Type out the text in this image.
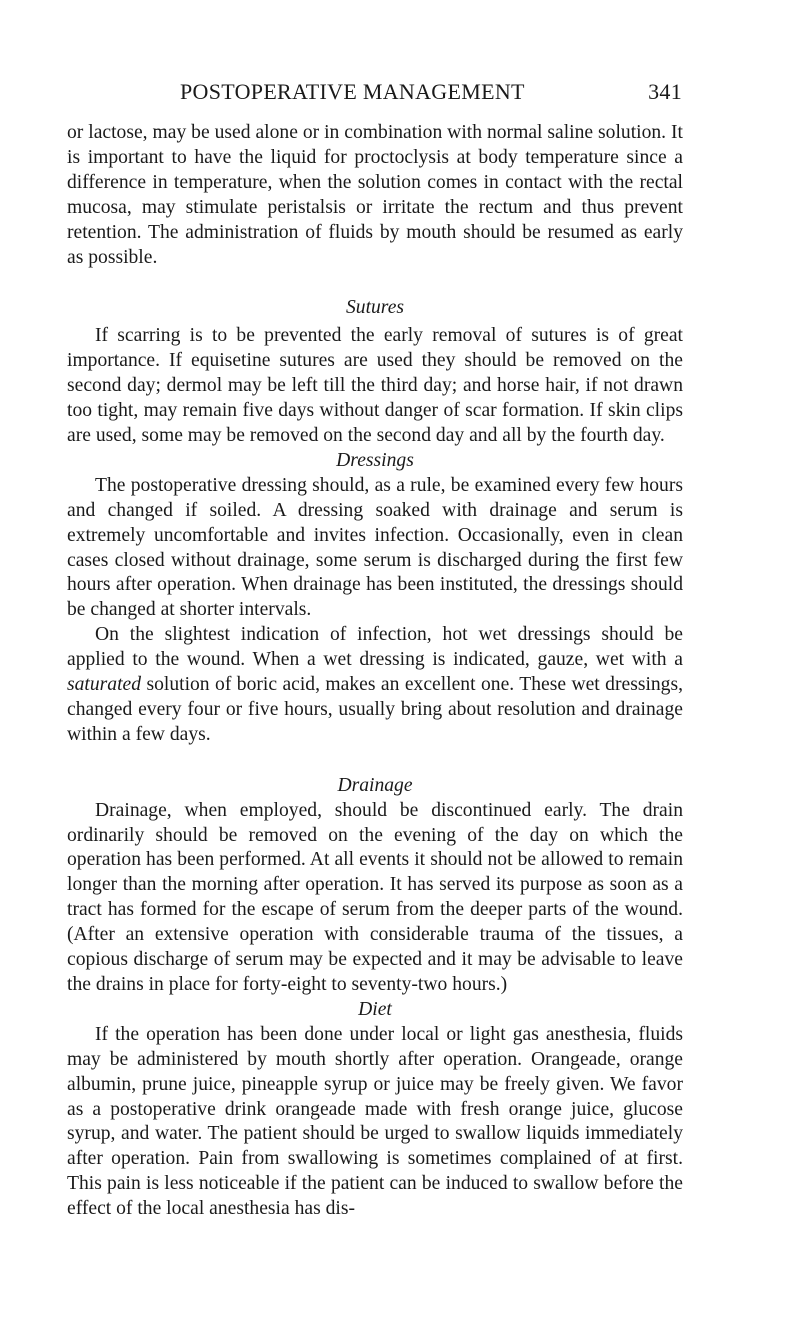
POSTOPERATIVE MANAGEMENT	341

or lactose, may be used alone or in combination with normal saline solution. It is important to have the liquid for proctoclysis at body temperature since a difference in temperature, when the solution comes in contact with the rectal mucosa, may stimulate peristalsis or irritate the rectum and thus prevent retention. The administration of fluids by mouth should be resumed as early as possible.

Sutures

If scarring is to be prevented the early removal of sutures is of great importance. If equisetine sutures are used they should be removed on the second day; dermol may be left till the third day; and horse hair, if not drawn too tight, may remain five days without danger of scar formation. If skin clips are used, some may be removed on the second day and all by the fourth day.

Dressings

The postoperative dressing should, as a rule, be examined every few hours and changed if soiled. A dressing soaked with drainage and serum is extremely uncomfortable and invites infection. Occasionally, even in clean cases closed without drainage, some serum is discharged during the first few hours after operation. When drainage has been instituted, the dressings should be changed at shorter intervals.

On the slightest indication of infection, hot wet dressings should be applied to the wound. When a wet dressing is indicated, gauze, wet with a saturated solution of boric acid, makes an excellent one. These wet dressings, changed every four or five hours, usually bring about resolution and drainage within a few days.

Drainage

Drainage, when employed, should be discontinued early. The drain ordinarily should be removed on the evening of the day on which the operation has been performed. At all events it should not be allowed to remain longer than the morning after operation. It has served its purpose as soon as a tract has formed for the escape of serum from the deeper parts of the wound. (After an extensive operation with considerable trauma of the tissues, a copious discharge of serum may be expected and it may be advisable to leave the drains in place for forty-eight to seventy-two hours.)

Diet

If the operation has been done under local or light gas anesthesia, fluids may be administered by mouth shortly after operation. Orangeade, orange albumin, prune juice, pineapple syrup or juice may be freely given. We favor as a postoperative drink orangeade made with fresh orange juice, glucose syrup, and water. The patient should be urged to swallow liquids immediately after operation. Pain from swallowing is sometimes complained of at first. This pain is less noticeable if the patient can be induced to swallow before the effect of the local anesthesia has dis-
